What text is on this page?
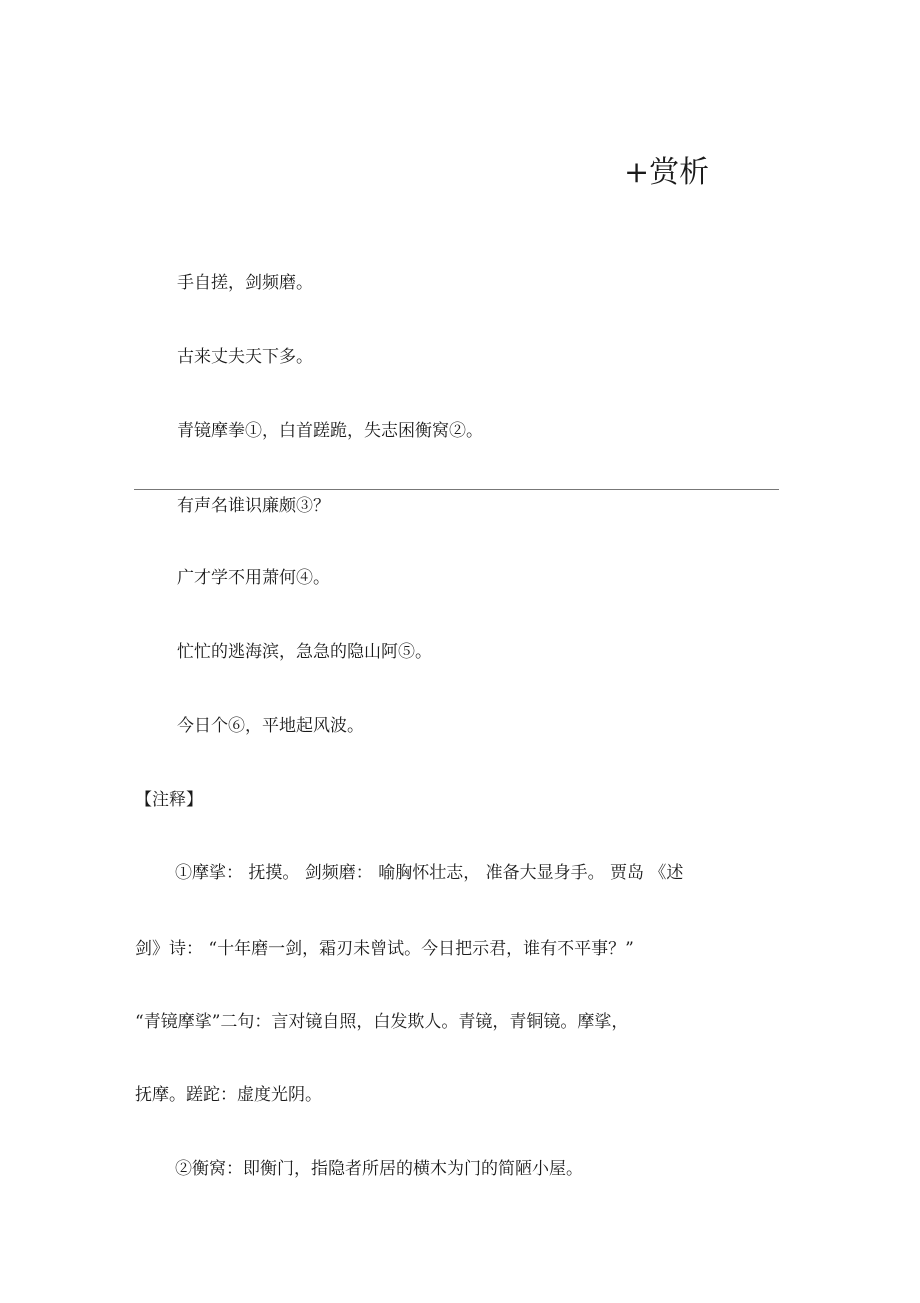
+赏析

手自搓，剑频磨。

古来丈夫天下多。

青镜摩拳①，白首蹉跪，失志困衡窝②。

有声名谁识廉颇③？

广才学不用萧何④。

忙忙的逃海滨，急急的隐山阿⑤。

今日个⑥，平地起风波。

【注释】

①摩挲： 抚摸。 剑频磨： 喻胸怀壮志， 准备大显身手。 贾岛 《述

剑》诗： “十年磨一剑，霜刃未曾试。今日把示君，谁有不平事？”

“青镜摩挲”二句：言对镜自照，白发欺人。青镜，青铜镜。摩挲，

抚摩。蹉跎：虚度光阴。

②衡窝：即衡门，指隐者所居的横木为门的简陋小屋。
